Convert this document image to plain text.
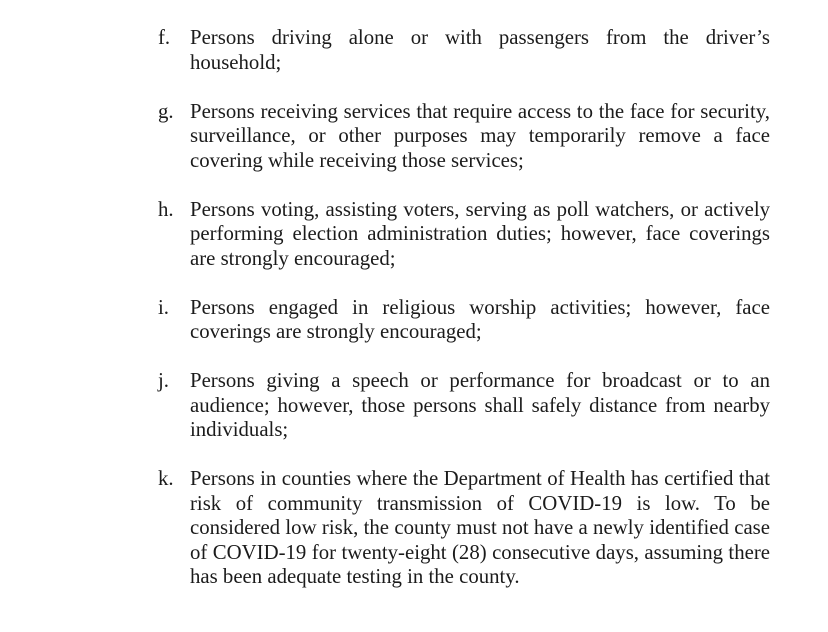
f. Persons driving alone or with passengers from the driver’s household;
g. Persons receiving services that require access to the face for security, surveillance, or other purposes may temporarily remove a face covering while receiving those services;
h. Persons voting, assisting voters, serving as poll watchers, or actively performing election administration duties; however, face coverings are strongly encouraged;
i.	Persons engaged in religious worship activities; however, face coverings are strongly encouraged;
j.	Persons giving a speech or performance for broadcast or to an audience; however, those persons shall safely distance from nearby individuals;
k. Persons in counties where the Department of Health has certified that risk of community transmission of COVID-19 is low. To be considered low risk, the county must not have a newly identified case of COVID-19 for twenty-eight (28) consecutive days, assuming there has been adequate testing in the county.
